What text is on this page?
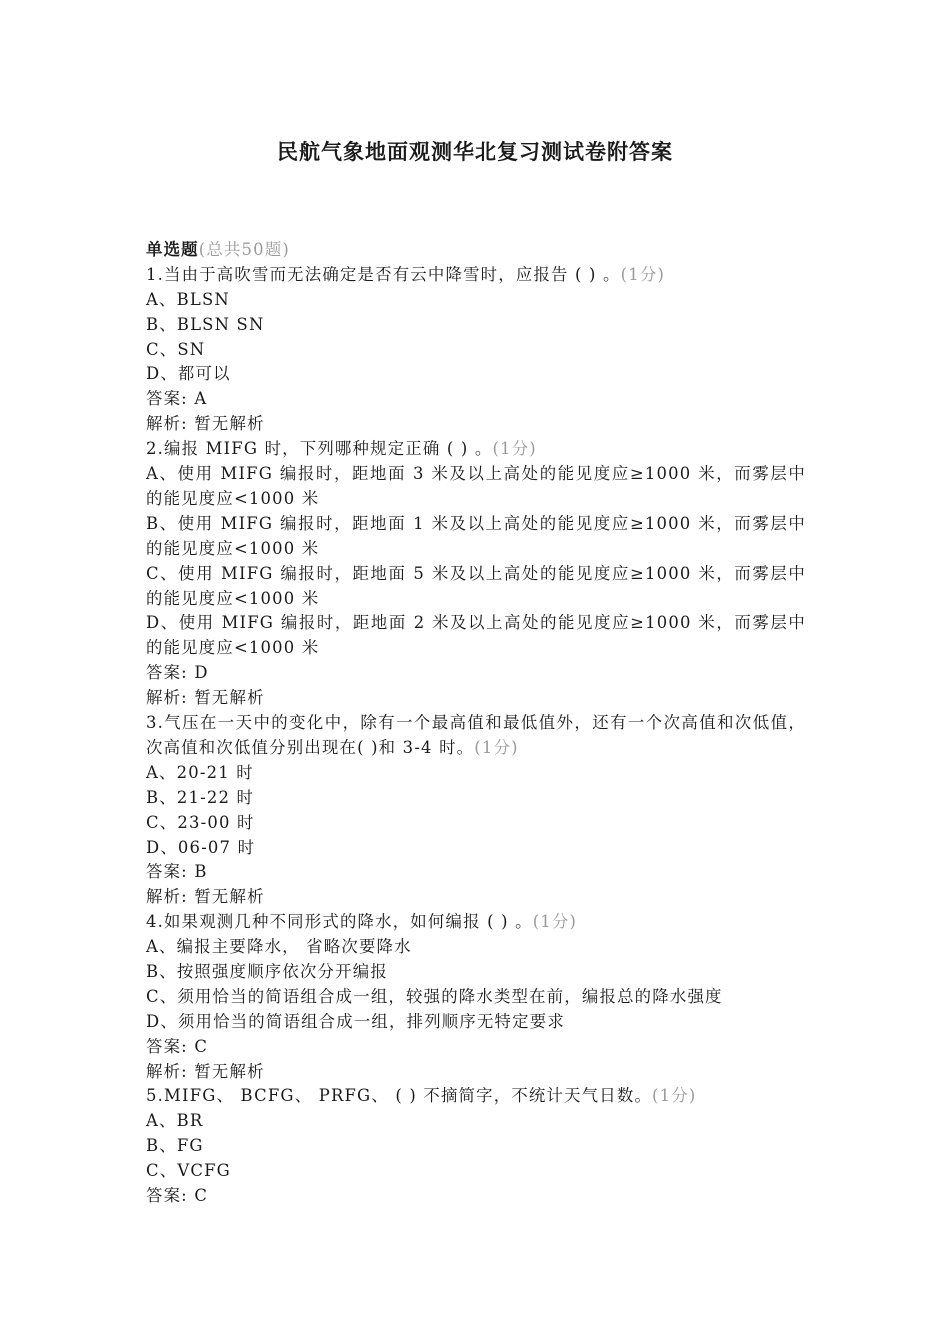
民航气象地面观测华北复习测试卷附答案
单选题(总共50题)
1.当由于高吹雪而无法确定是否有云中降雪时，应报告 ( ) 。(1分)
A、BLSN
B、BLSN SN
C、SN
D、都可以
答案: A
解析: 暂无解析
2.编报 MIFG 时，下列哪种规定正确 ( ) 。(1分)
A、使用 MIFG 编报时，距地面 3 米及以上高处的能见度应≥1000 米，而雾层中的能见度应<1000 米
B、使用 MIFG 编报时，距地面 1 米及以上高处的能见度应≥1000 米，而雾层中的能见度应<1000 米
C、使用 MIFG 编报时，距地面 5 米及以上高处的能见度应≥1000 米，而雾层中的能见度应<1000 米
D、使用 MIFG 编报时，距地面 2 米及以上高处的能见度应≥1000 米，而雾层中的能见度应<1000 米
答案: D
解析: 暂无解析
3.气压在一天中的变化中，除有一个最高值和最低值外，还有一个次高值和次低值，次高值和次低值分别出现在( )和 3-4 时。(1分)
A、20-21 时
B、21-22 时
C、23-00 时
D、06-07 时
答案: B
解析: 暂无解析
4.如果观测几种不同形式的降水，如何编报 ( ) 。(1分)
A、编报主要降水， 省略次要降水
B、按照强度顺序依次分开编报
C、须用恰当的简语组合成一组，较强的降水类型在前，编报总的降水强度
D、须用恰当的简语组合成一组，排列顺序无特定要求
答案: C
解析: 暂无解析
5.MIFG、 BCFG、 PRFG、 ( ) 不摘简字，不统计天气日数。(1分)
A、BR
B、FG
C、VCFG
答案: C
